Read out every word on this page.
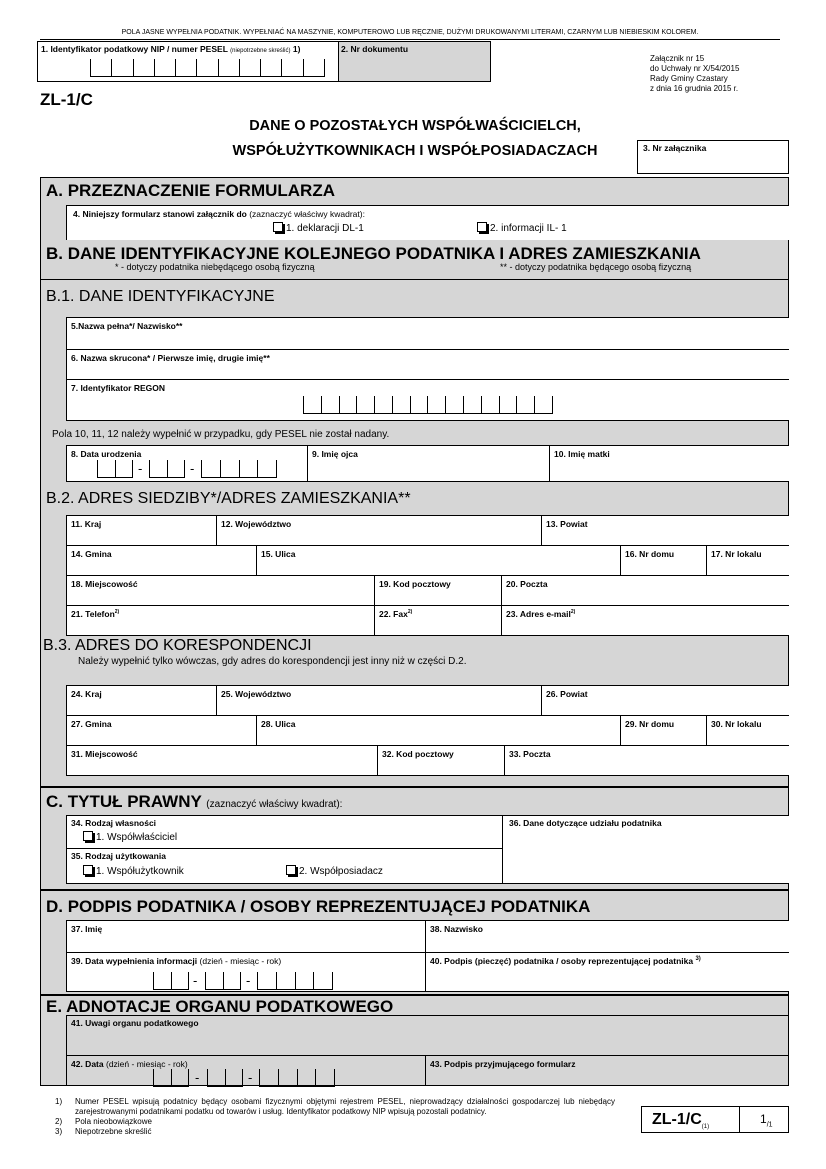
POLA JASNE WYPEŁNIA PODATNIK. WYPEŁNIAĆ NA MASZYNIE, KOMPUTEROWO LUB RĘCZNIE, DUŻYMI DRUKOWANYMI LITERAMI, CZARNYM LUB NIEBIESKIM KOLOREM.
1. Identyfikator podatkowy NIP / numer PESEL (niepotrzebne skreślić) 1)	2. Nr dokumentu
Załącznik nr 15
do Uchwały nr X/54/2015
Rady Gminy Czastary
z dnia 16 grudnia 2015 r.
ZL-1/C
DANE O POZOSTAŁYCH WSPÓŁWAŚCICIELCH,
WSPÓŁUŻYTKOWNIKACH I WSPÓŁPOSIADACZACH	3. Nr załącznika
A. PRZEZNACZENIE FORMULARZA
4. Niniejszy formularz stanowi załącznik do (zaznaczyć właściwy kwadrat):
1. deklaracji DL-1	2. informacji IL- 1
B. DANE IDENTYFIKACYJNE KOLEJNEGO PODATNIKA I ADRES ZAMIESZKANIA
* - dotyczy podatnika niebędącego osobą fizyczną	** - dotyczy podatnika będącego osobą fizyczną
B.1. DANE IDENTYFIKACYJNE
5.Nazwa pełna*/ Nazwisko**
6. Nazwa skrucona* / Pierwsze imię, drugie imię**
7. Identyfikator REGON
Pola 10, 11, 12 należy wypełnić w przypadku, gdy PESEL nie został nadany.
8. Data urodzenia
-	-
9. Imię ojca	10. Imię matki
B.2. ADRES SIEDZIBY*/ADRES ZAMIESZKANIA**
11. Kraj	12. Województwo	13. Powiat
14. Gmina	15. Ulica	16. Nr domu	17. Nr lokalu
18. Miejscowość	19. Kod pocztowy	20. Poczta
21. Telefon$^{2)}$	22. Fax$^{2)}$	23. Adres e-mail$^{2)}$
B.3. ADRES DO KORESPONDENCJI
Należy wypełnić tylko wówczas, gdy adres do korespondencji jest inny niż w części D.2.
24. Kraj	25. Województwo	26. Powiat
27. Gmina	28. Ulica	29. Nr domu	30. Nr lokalu
31. Miejscowość	32. Kod pocztowy	33. Poczta
C. TYTUŁ PRAWNY (zaznaczyć właściwy kwadrat):
34. Rodzaj własności
1. Współwłaściciel
35. Rodzaj użytkowania
1. Współużytkownik	2. Współposiadacz
36. Dane dotyczące udziału podatnika
D. PODPIS PODATNIKA / OSOBY REPREZENTUJĄCEJ PODATNIKA
37. Imię	38. Nazwisko
39. Data wypełnienia informacji (dzień - miesiąc - rok)
-	-
40. Podpis (pieczęć) podatnika / osoby reprezentującej podatnika $^{3)}$
E. ADNOTACJE ORGANU PODATKOWEGO
41. Uwagi organu podatkowego
42. Data (dzień - miesiąc - rok)
-	-
43. Podpis przyjmującego formularz
1)	Numer PESEL wpisują podatnicy będący osobami fizycznymi objętymi rejestrem PESEL, nieprowadzący działalności gospodarczej lub niebędący zarejestrowanymi podatnikami podatku od towarów i usług. Identyfikator podatkowy NIP wpisują pozostali podatnicy.
2)	Pola nieobowiązkowe
3)	Niepotrzebne skreślić
$ZL-1/C_{(1)}$
$1_{/1}$
